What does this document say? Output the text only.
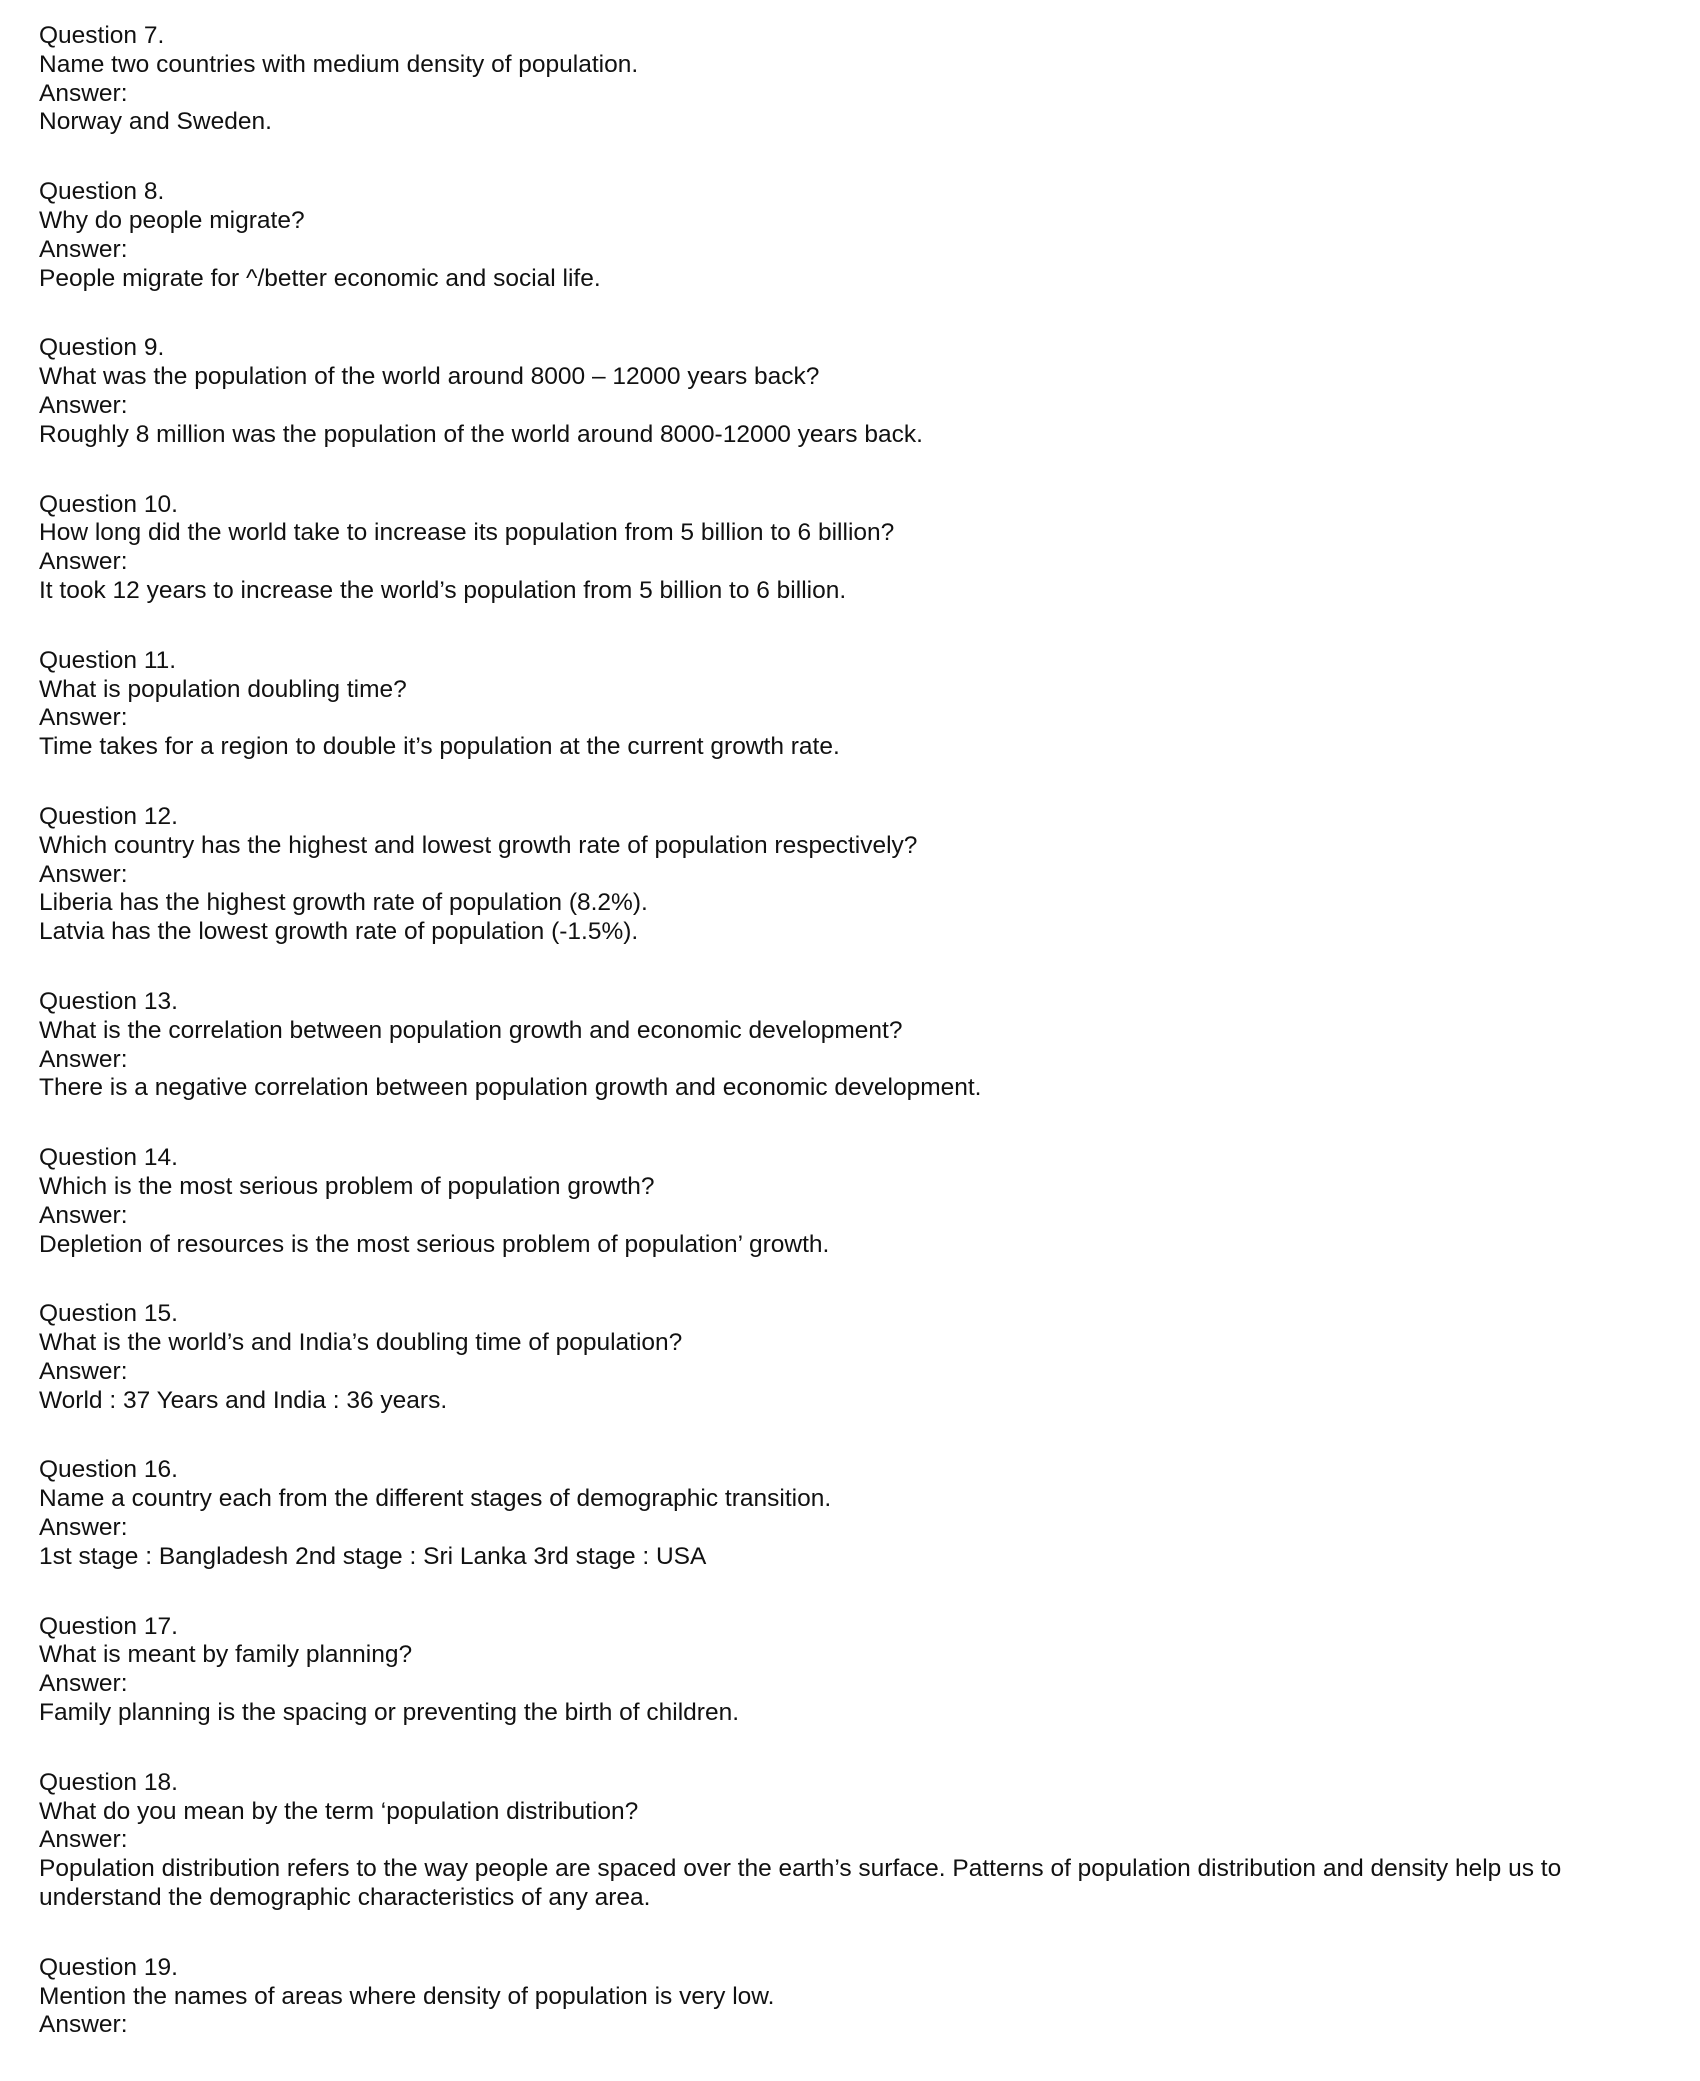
Question 7.
Name two countries with medium density of population.
Answer:
Norway and Sweden.
Question 8.
Why do people migrate?
Answer:
People migrate for ^/better economic and social life.
Question 9.
What was the population of the world around 8000 – 12000 years back?
Answer:
Roughly 8 million was the population of the world around 8000-12000 years back.
Question 10.
How long did the world take to increase its population from 5 billion to 6 billion?
Answer:
It took 12 years to increase the world’s population from 5 billion to 6 billion.
Question 11.
What is population doubling time?
Answer:
Time takes for a region to double it’s population at the current growth rate.
Question 12.
Which country has the highest and lowest growth rate of population respectively?
Answer:
Liberia has the highest growth rate of population (8.2%).
Latvia has the lowest growth rate of population (-1.5%).
Question 13.
What is the correlation between population growth and economic development?
Answer:
There is a negative correlation between population growth and economic development.
Question 14.
Which is the most serious problem of population growth?
Answer:
Depletion of resources is the most serious problem of population’ growth.
Question 15.
What is the world’s and India’s doubling time of population?
Answer:
World : 37 Years and India : 36 years.
Question 16.
Name a country each from the different stages of demographic transition.
Answer:
1st stage : Bangladesh 2nd stage : Sri Lanka 3rd stage : USA
Question 17.
What is meant by family planning?
Answer:
Family planning is the spacing or preventing the birth of children.
Question 18.
What do you mean by the term ‘population distribution?
Answer:
Population distribution refers to the way people are spaced over the earth’s surface. Patterns of population distribution and density help us to
understand the demographic characteristics of any area.
Question 19.
Mention the names of areas where density of population is very low.
Answer:
